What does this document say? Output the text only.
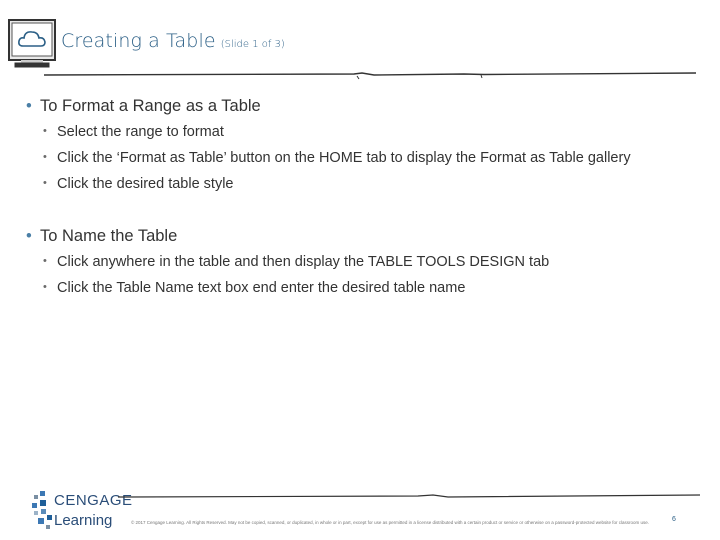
Creating a Table (Slide 1 of 3)
• To Format a Range as a Table
• Select the range to format
• Click the ‘Format as Table’ button on the HOME tab to display the Format as Table gallery
• Click the desired table style
• To Name the Table
• Click anywhere in the table and then display the TABLE TOOLS DESIGN tab
• Click the Table Name text box end enter the desired table name
CENGAGE
Learning	© 2017 Cengage Learning. All Rights Reserved. May not be copied, scanned, or duplicated, in whole or in part, except for use as permitted in a license distributed with a certain product or service or otherwise on a password-protected website for classroom use.	6
